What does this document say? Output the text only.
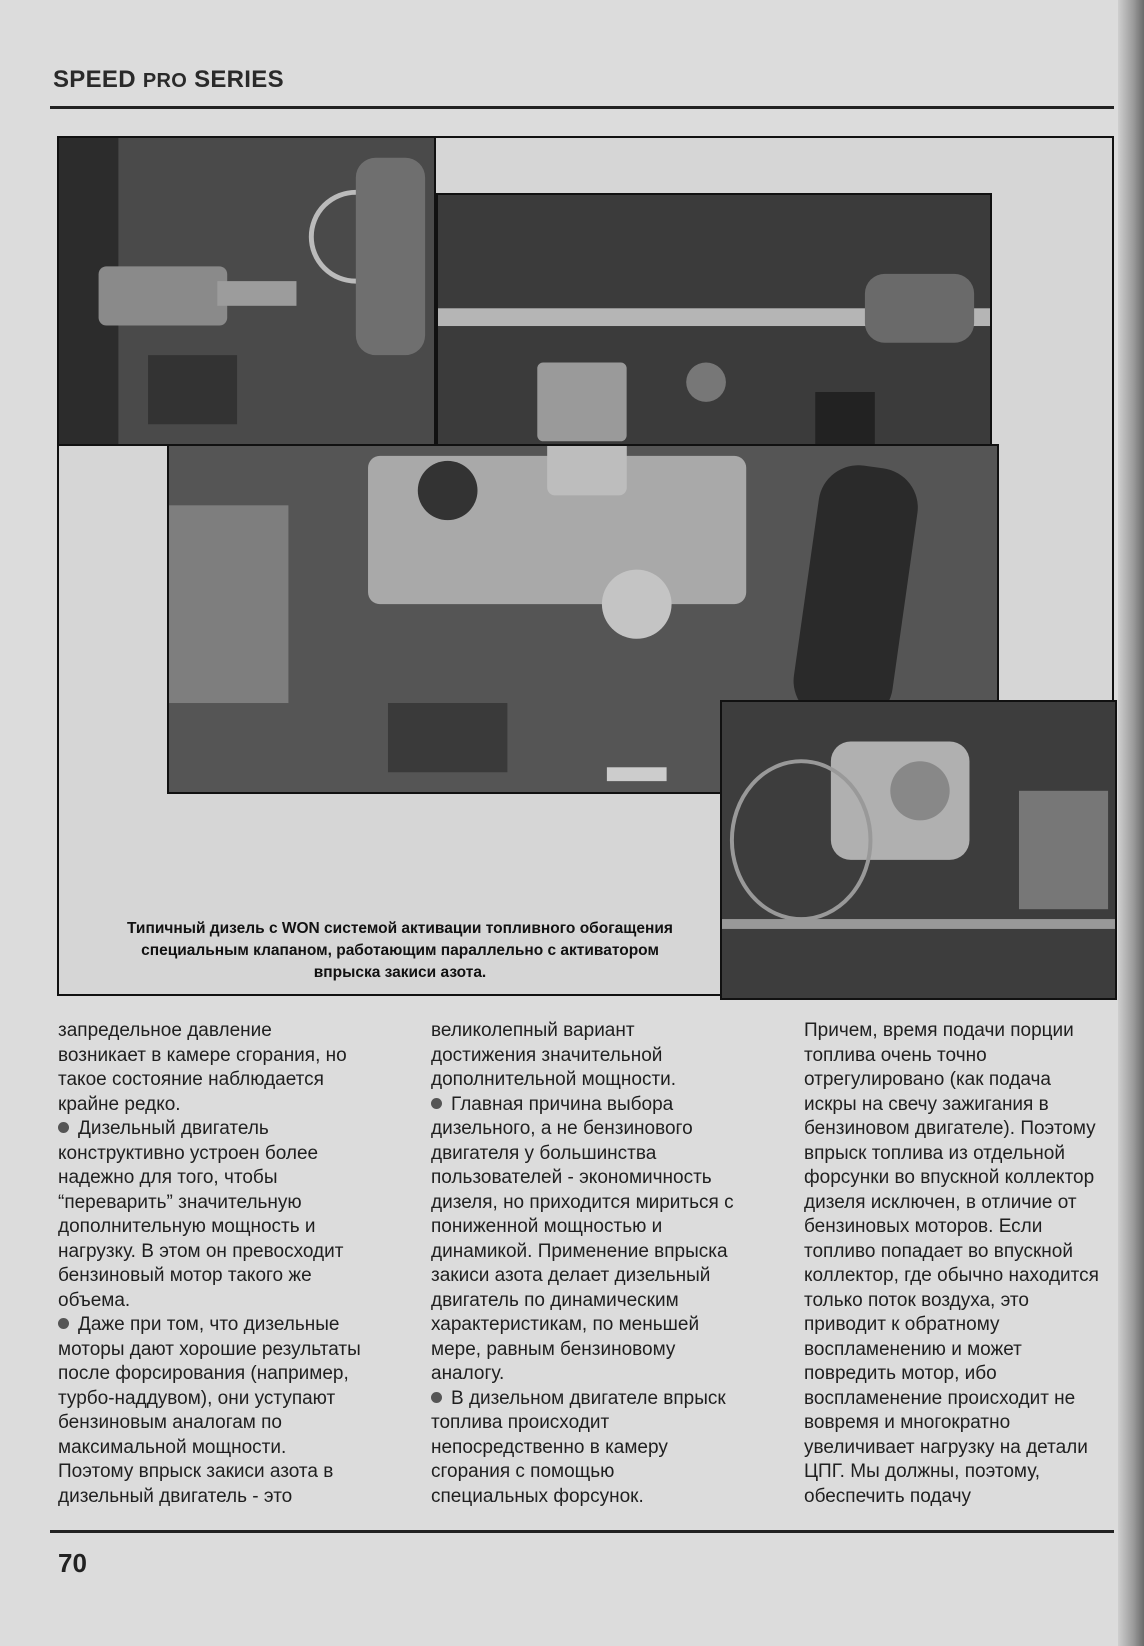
SPEED PRO SERIES
Типичный дизель с WON системой активации топливного обогащения
специальным клапаном, работающим параллельно с активатором
впрыска закиси азота.

запредельное давление

возникает в камере сгорания, но

такое состояние наблюдается

крайне редко.

Дизельный двигатель

конструктивно устроен более

надежно для того, чтобы

“переварить” значительную

дополнительную мощность и

нагрузку. В этом он превосходит

бензиновый мотор такого же

объема.

Даже при том, что дизельные

моторы дают хорошие результаты

после форсирования (например,

турбо-наддувом), они уступают

бензиновым аналогам по

максимальной мощности.

Поэтому впрыск закиси азота в

дизельный двигатель - это

великолепный вариант

достижения значительной

дополнительной мощности.

Главная причина выбора

дизельного, а не бензинового

двигателя у большинства

пользователей - экономичность

дизеля, но приходится мириться с

пониженной мощностью и

динамикой. Применение впрыска

закиси азота делает дизельный

двигатель по динамическим

характеристикам, по меньшей

мере, равным бензиновому

аналогу.

В дизельном двигателе впрыск

топлива происходит

непосредственно в камеру

сгорания с помощью

специальных форсунок.

Причем, время подачи порции

топлива очень точно

отрегулировано (как подача

искры на свечу зажигания в

бензиновом двигателе). Поэтому

впрыск топлива из отдельной

форсунки во впускной коллектор

дизеля исключен, в отличие от

бензиновых моторов. Если

топливо попадает во впускной

коллектор, где обычно находится

только поток воздуха, это

приводит к обратному

воспламенению и может

повредить мотор, ибо

воспламенение происходит не

вовремя и многократно

увеличивает нагрузку на детали

ЦПГ. Мы должны, поэтому,

обеспечить подачу

70
